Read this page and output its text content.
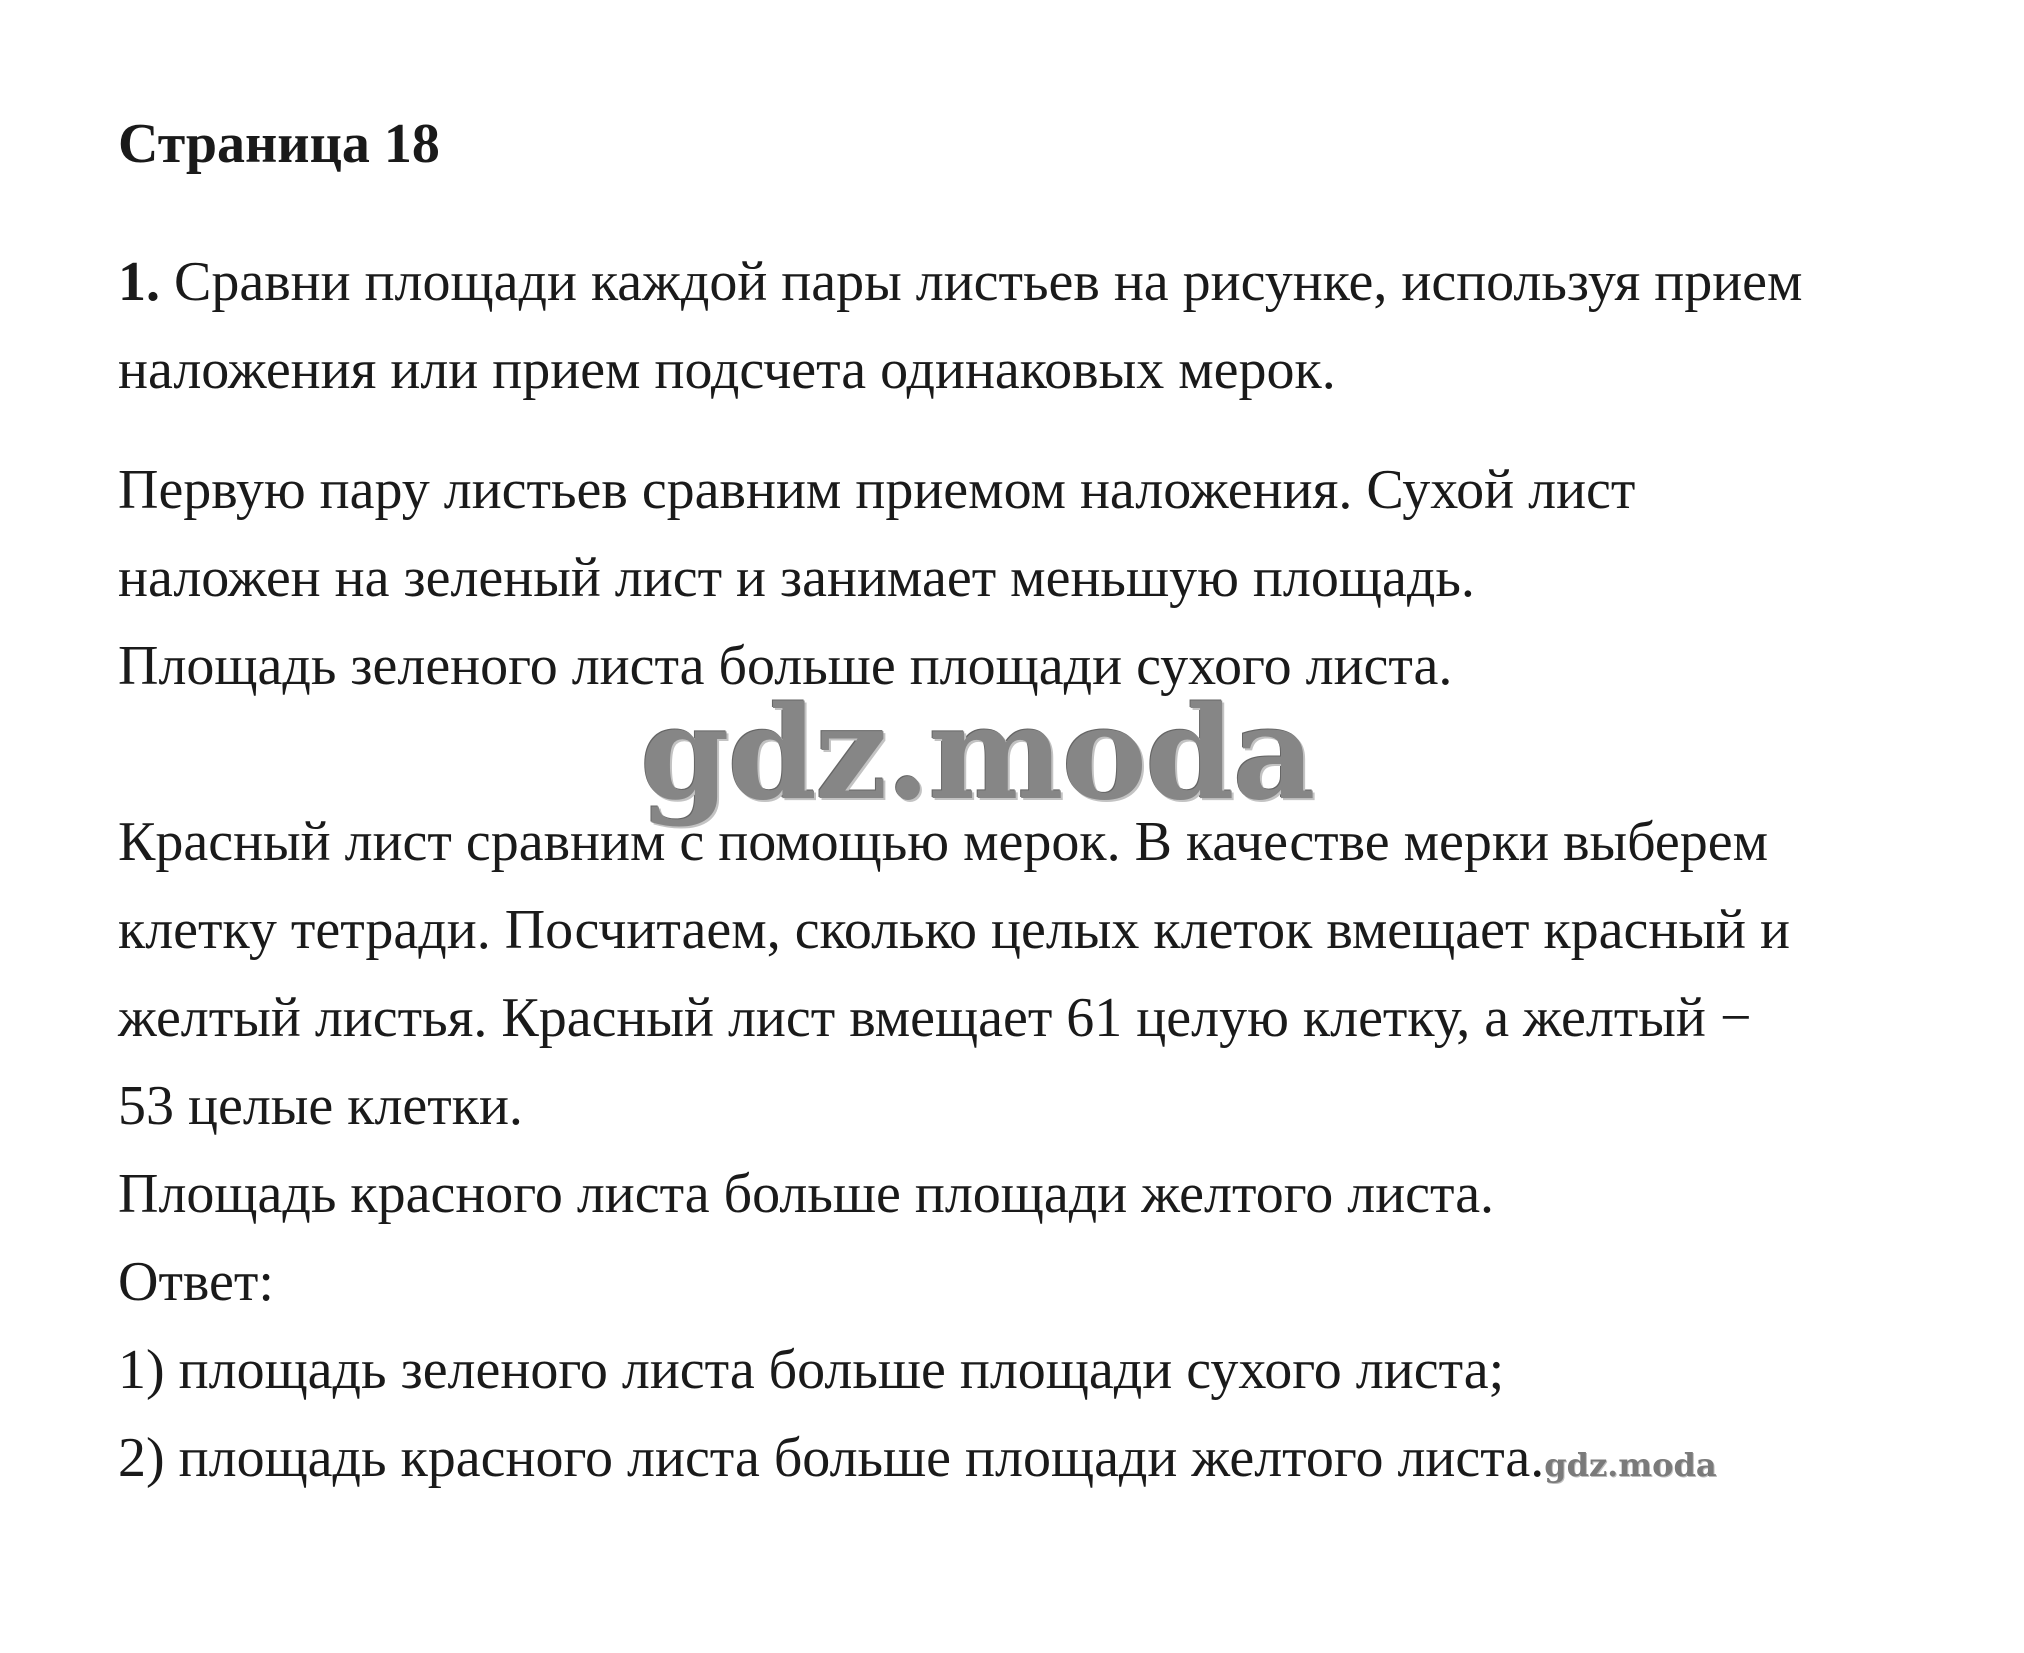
Страница 18
1. Сравни площади каждой пары листьев на рисунке, используя прием
наложения или прием подсчета одинаковых мерок.
Первую пару листьев сравним приемом наложения. Сухой лист
наложен на зеленый лист и занимает меньшую площадь.
Площадь зеленого листа больше площади сухого листа.
gdz.moda
Красный лист сравним с помощью мерок. В качестве мерки выберем
клетку тетради. Посчитаем, сколько целых клеток вмещает красный и
желтый листья. Красный лист вмещает 61 целую клетку, а желтый −
53 целые клетки.
Площадь красного листа больше площади желтого листа.
Ответ:
1) площадь зеленого листа больше площади сухого листа;
2) площадь красного листа больше площади желтого листа.gdz.moda
